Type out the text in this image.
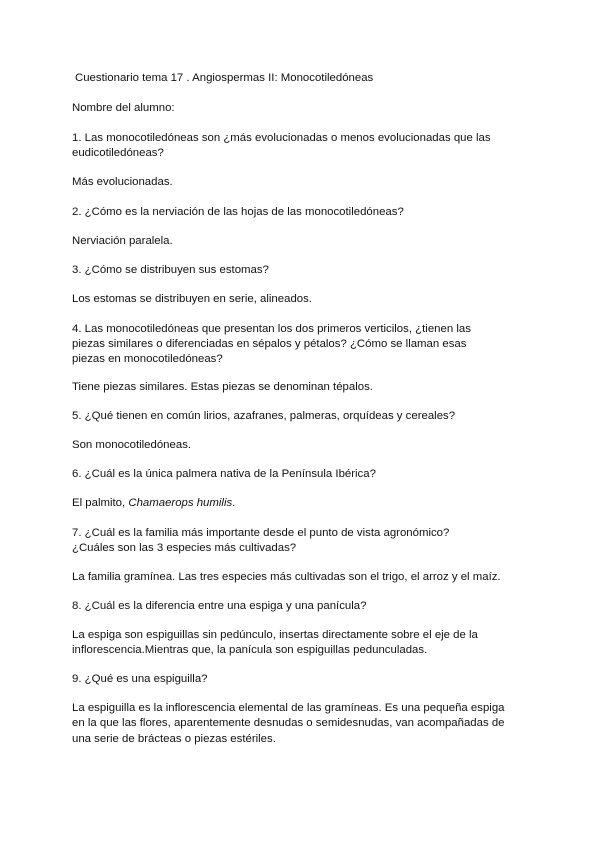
Cuestionario tema 17 . Angiospermas II: Monocotiledóneas
Nombre del alumno:
1. Las monocotiledóneas son ¿más evolucionadas o menos evolucionadas que las
eudicotiledóneas?
Más evolucionadas.
2. ¿Cómo es la nerviación de las hojas de las monocotiledóneas?
Nerviación paralela.
3. ¿Cómo se distribuyen sus estomas?
Los estomas se distribuyen en serie, alineados.
4. Las monocotiledóneas que presentan los dos primeros verticilos, ¿tienen las
piezas similares o diferenciadas en sépalos y pétalos? ¿Cómo se llaman esas
piezas en monocotiledóneas?
Tiene piezas similares. Estas piezas se denominan tépalos.
5. ¿Qué tienen en común lirios, azafranes, palmeras, orquídeas y cereales?
Son monocotiledóneas.
6. ¿Cuál es la única palmera nativa de la Península Ibérica?
El palmito, Chamaerops humilis.
7. ¿Cuál es la familia más importante desde el punto de vista agronómico?
¿Cuáles son las 3 especies más cultivadas?
La familia gramínea. Las tres especies más cultivadas son el trigo, el arroz y el maíz.
8. ¿Cuál es la diferencia entre una espiga y una panícula?
La espiga son espiguillas sin pedúnculo, insertas directamente sobre el eje de la
inflorescencia.Mientras que, la panícula son espiguillas pedunculadas.
9. ¿Qué es una espiguilla?
La espiguilla es la inflorescencia elemental de las gramíneas. Es una pequeña espiga
en la que las flores, aparentemente desnudas o semidesnudas, van acompañadas de
una serie de brácteas o piezas estériles.
